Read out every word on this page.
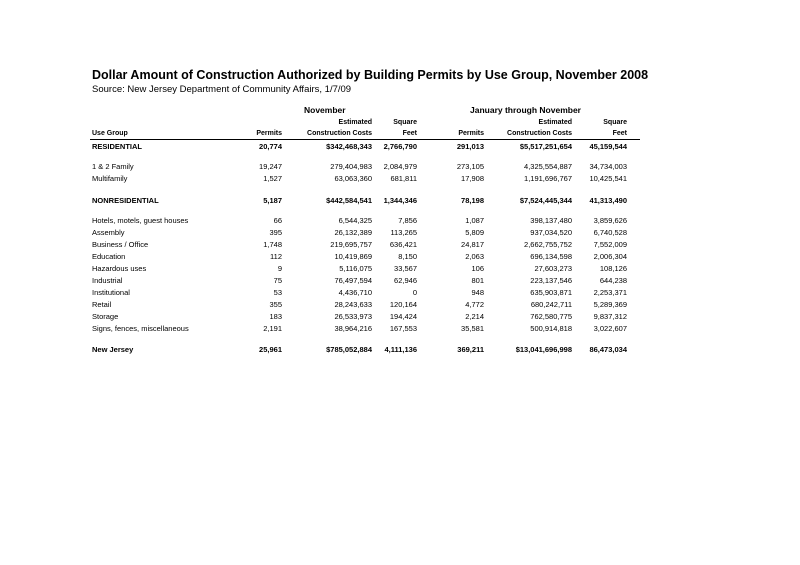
Dollar Amount of Construction Authorized by Building Permits by Use Group, November 2008
Source: New Jersey Department of Community Affairs, 1/7/09
November	January through November
Estimated	Square	Estimated	Square
Use Group	Permits	Construction Costs	Feet	Permits	Construction Costs	Feet
RESIDENTIAL	20,774	$342,468,343 2,766,790	291,013	$5,517,251,654 45,159,544
1 & 2 Family	19,247	279,404,983 2,084,979	273,105	4,325,554,887 34,734,003
Multifamily	1,527	63,063,360 681,811	17,908	1,191,696,767 10,425,541
NONRESIDENTIAL	5,187	$442,584,541 1,344,346	78,198	$7,524,445,344 41,313,490
Hotels, motels, guest houses	66	6,544,325	7,856	1,087	398,137,480	3,859,626
Assembly	395	26,132,389 113,265	5,809	937,034,520	6,740,528
Business / Office	1,748	219,695,757 636,421	24,817	2,662,755,752	7,552,009
Education	112	10,419,869	8,150	2,063	696,134,598	2,006,304
Hazardous uses	9	5,116,075	33,567	106	27,603,273	108,126
Industrial	75	76,497,594	62,946	801	223,137,546	644,238
Institutional	53	4,436,710	0	948	635,903,871	2,253,371
Retail	355	28,243,633 120,164	4,772	680,242,711	5,289,369
Storage	183	26,533,973 194,424	2,214	762,580,775	9,837,312
Signs, fences, miscellaneous	2,191	38,964,216 167,553	35,581	500,914,818	3,022,607
New Jersey	25,961	$785,052,884 4,111,136	369,211	$13,041,696,998 86,473,034
